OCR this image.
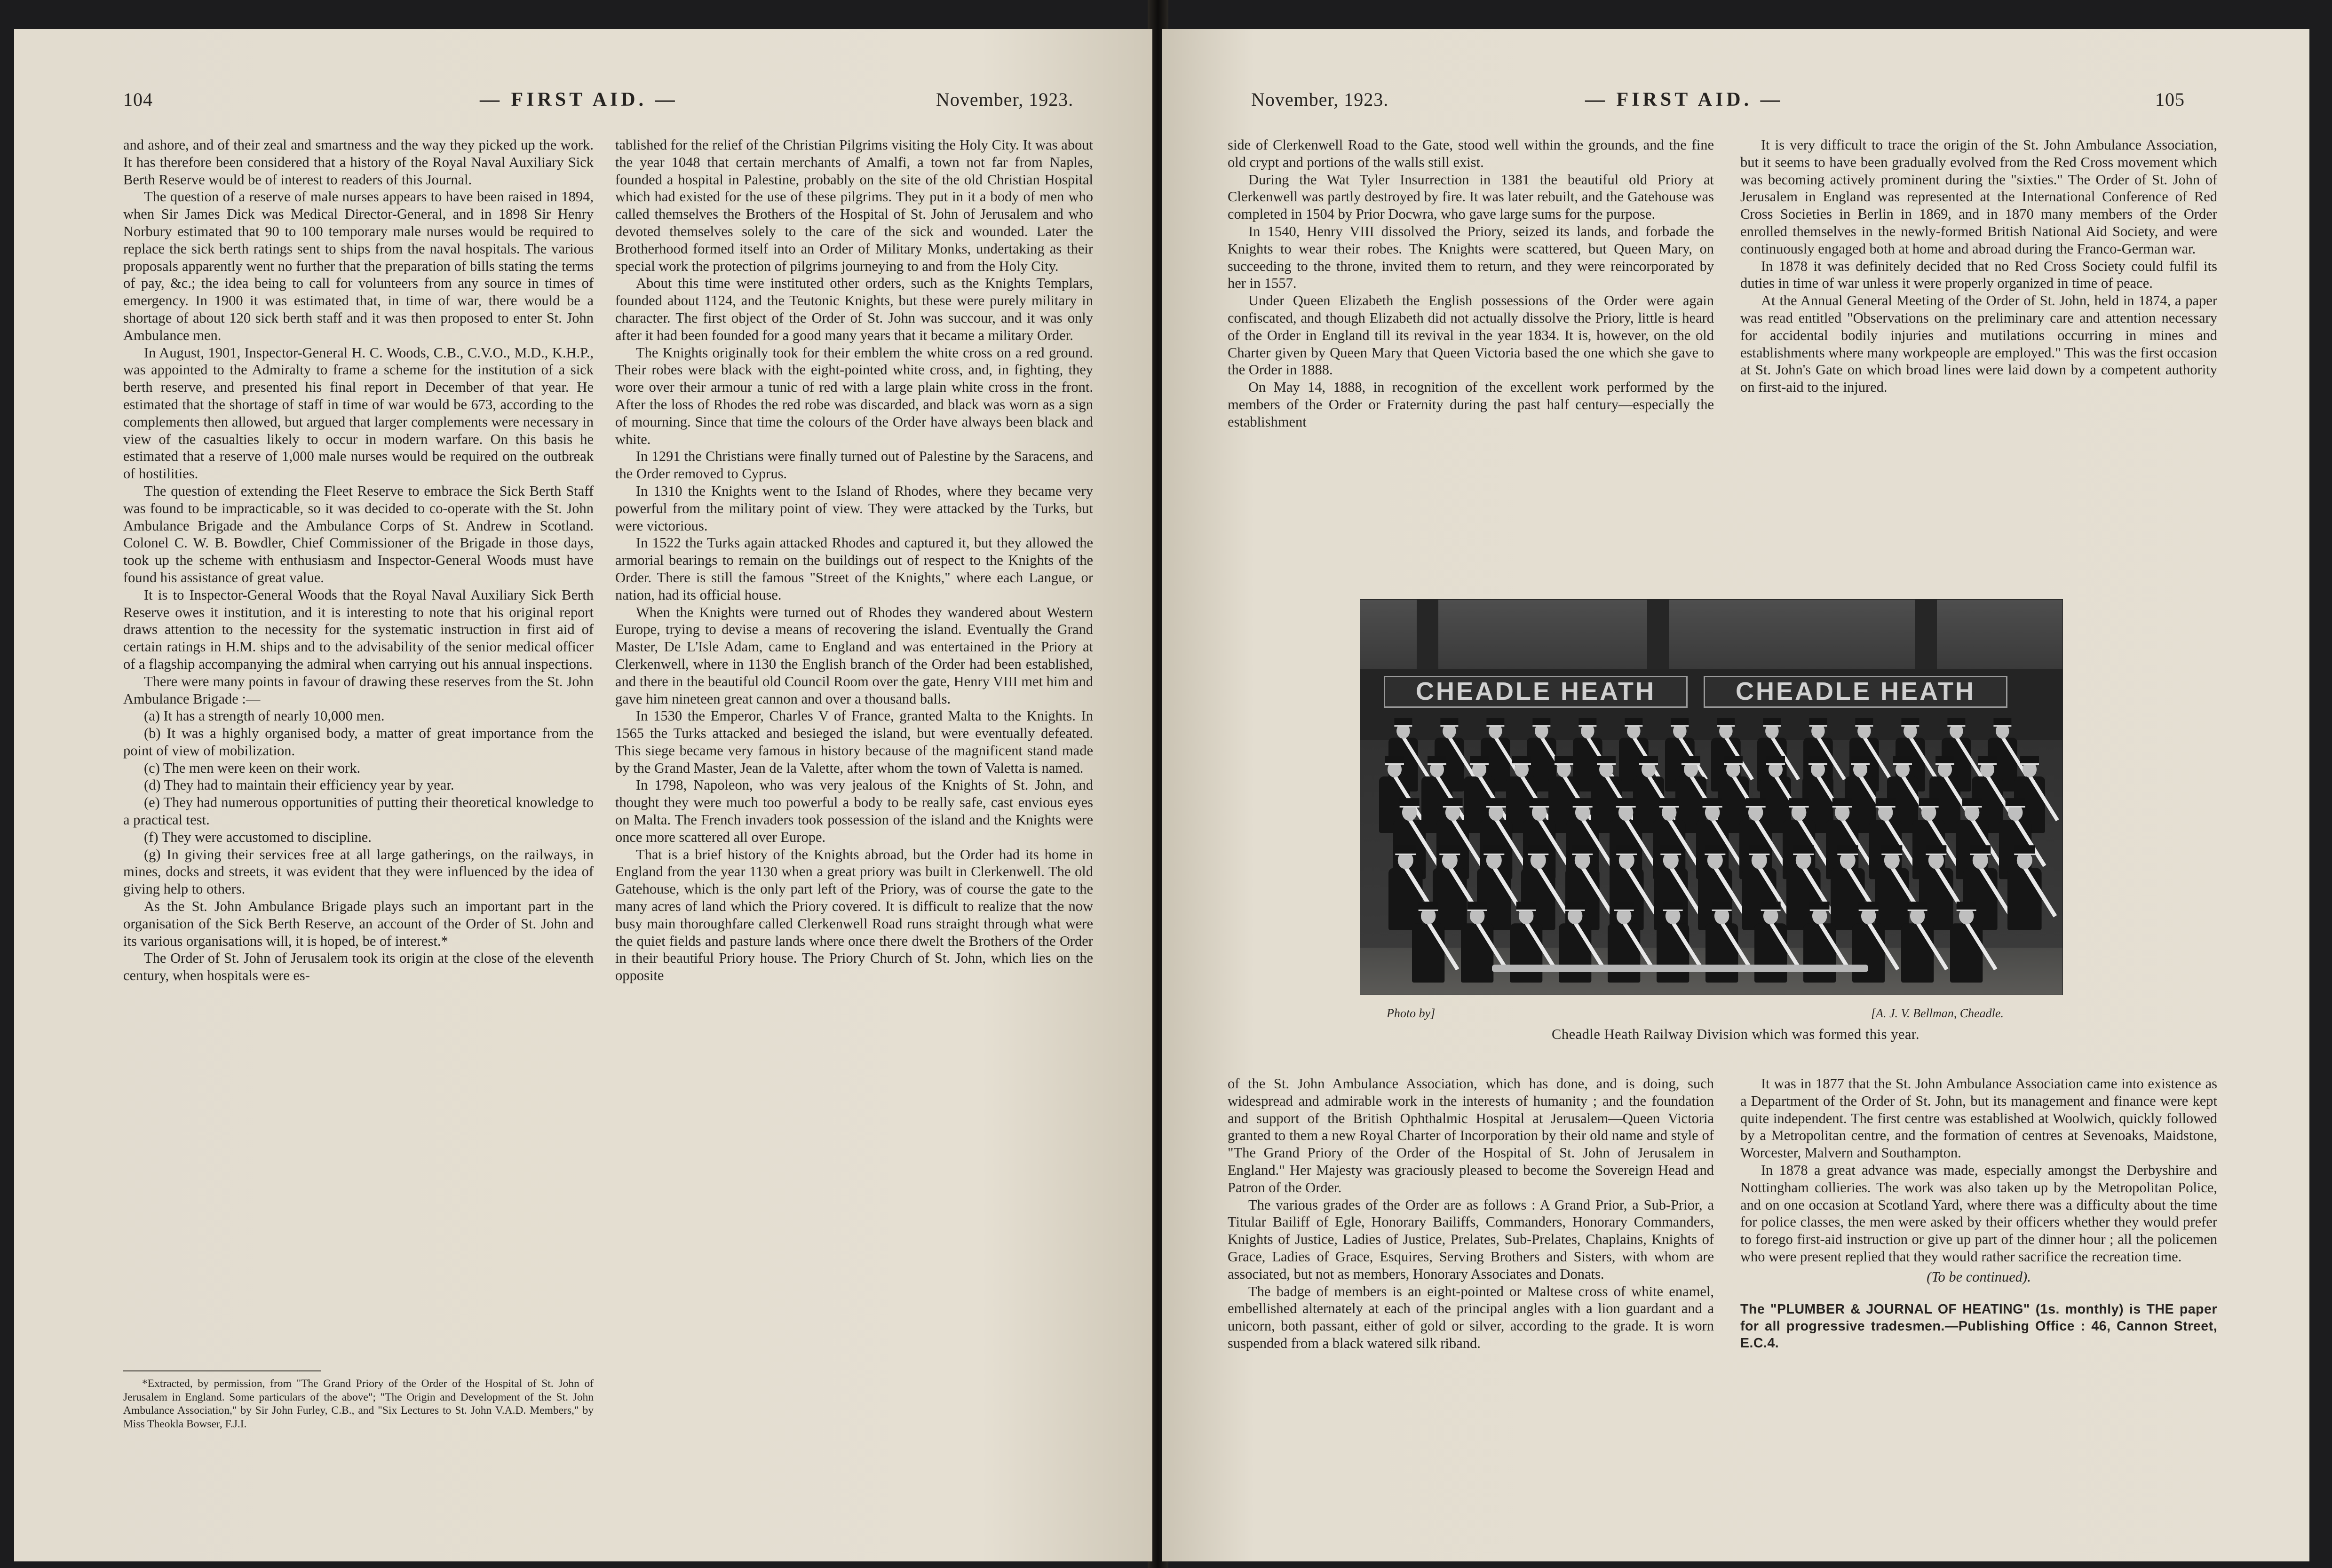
104	— FIRST AID. —	November, 1923.

and ashore, and of their zeal and smartness and the way they picked up the work. It has therefore been considered that a history of the Royal Naval Auxiliary Sick Berth Reserve would be of interest to readers of this Journal.

The question of a reserve of male nurses appears to have been raised in 1894, when Sir James Dick was Medical Director-General, and in 1898 Sir Henry Norbury estimated that 90 to 100 temporary male nurses would be required to replace the sick berth ratings sent to ships from the naval hospitals. The various proposals apparently went no further that the preparation of bills stating the terms of pay, &c.; the idea being to call for volunteers from any source in times of emergency. In 1900 it was estimated that, in time of war, there would be a shortage of about 120 sick berth staff and it was then proposed to enter St. John Ambulance men.

In August, 1901, Inspector-General H. C. Woods, C.B., C.V.O., M.D., K.H.P., was appointed to the Admiralty to frame a scheme for the institution of a sick berth reserve, and presented his final report in December of that year. He estimated that the shortage of staff in time of war would be 673, according to the complements then allowed, but argued that larger complements were necessary in view of the casualties likely to occur in modern warfare. On this basis he estimated that a reserve of 1,000 male nurses would be required on the outbreak of hostilities.

The question of extending the Fleet Reserve to embrace the Sick Berth Staff was found to be impracticable, so it was decided to co-operate with the St. John Ambulance Brigade and the Ambulance Corps of St. Andrew in Scotland. Colonel C. W. B. Bowdler, Chief Commissioner of the Brigade in those days, took up the scheme with enthusiasm and Inspector-General Woods must have found his assistance of great value.

It is to Inspector-General Woods that the Royal Naval Auxiliary Sick Berth Reserve owes it institution, and it is interesting to note that his original report draws attention to the necessity for the systematic instruction in first aid of certain ratings in H.M. ships and to the advisability of the senior medical officer of a flagship accompanying the admiral when carrying out his annual inspections.

There were many points in favour of drawing these reserves from the St. John Ambulance Brigade :—

(a) It has a strength of nearly 10,000 men.

(b) It was a highly organised body, a matter of great importance from the point of view of mobilization.

(c) The men were keen on their work.

(d) They had to maintain their efficiency year by year.

(e) They had numerous opportunities of putting their theoretical knowledge to a practical test.

(f) They were accustomed to discipline.

(g) In giving their services free at all large gatherings, on the railways, in mines, docks and streets, it was evident that they were influenced by the idea of giving help to others.

As the St. John Ambulance Brigade plays such an important part in the organisation of the Sick Berth Reserve, an account of the Order of St. John and its various organisations will, it is hoped, be of interest.*

The Order of St. John of Jerusalem took its origin at the close of the eleventh century, when hospitals were es-

*Extracted, by permission, from "The Grand Priory of the Order of the Hospital of St. John of Jerusalem in England. Some particulars of the above"; "The Origin and Development of the St. John Ambulance Association," by Sir John Furley, C.B., and "Six Lectures to St. John V.A.D. Members," by Miss Theokla Bowser, F.J.I.

tablished for the relief of the Christian Pilgrims visiting the Holy City. It was about the year 1048 that certain merchants of Amalfi, a town not far from Naples, founded a hospital in Palestine, probably on the site of the old Christian Hospital which had existed for the use of these pilgrims. They put in it a body of men who called themselves the Brothers of the Hospital of St. John of Jerusalem and who devoted themselves solely to the care of the sick and wounded. Later the Brotherhood formed itself into an Order of Military Monks, undertaking as their special work the protection of pilgrims journeying to and from the Holy City.

About this time were instituted other orders, such as the Knights Templars, founded about 1124, and the Teutonic Knights, but these were purely military in character. The first object of the Order of St. John was succour, and it was only after it had been founded for a good many years that it became a military Order.

The Knights originally took for their emblem the white cross on a red ground. Their robes were black with the eight-pointed white cross, and, in fighting, they wore over their armour a tunic of red with a large plain white cross in the front. After the loss of Rhodes the red robe was discarded, and black was worn as a sign of mourning. Since that time the colours of the Order have always been black and white.

In 1291 the Christians were finally turned out of Palestine by the Saracens, and the Order removed to Cyprus.

In 1310 the Knights went to the Island of Rhodes, where they became very powerful from the military point of view. They were attacked by the Turks, but were victorious.

In 1522 the Turks again attacked Rhodes and captured it, but they allowed the armorial bearings to remain on the buildings out of respect to the Knights of the Order. There is still the famous "Street of the Knights," where each Langue, or nation, had its official house.

When the Knights were turned out of Rhodes they wandered about Western Europe, trying to devise a means of recovering the island. Eventually the Grand Master, De L'Isle Adam, came to England and was entertained in the Priory at Clerkenwell, where in 1130 the English branch of the Order had been established, and there in the beautiful old Council Room over the gate, Henry VIII met him and gave him nineteen great cannon and over a thousand balls.

In 1530 the Emperor, Charles V of France, granted Malta to the Knights. In 1565 the Turks attacked and besieged the island, but were eventually defeated. This siege became very famous in history because of the magnificent stand made by the Grand Master, Jean de la Valette, after whom the town of Valetta is named.

In 1798, Napoleon, who was very jealous of the Knights of St. John, and thought they were much too powerful a body to be really safe, cast envious eyes on Malta. The French invaders took possession of the island and the Knights were once more scattered all over Europe.

That is a brief history of the Knights abroad, but the Order had its home in England from the year 1130 when a great priory was built in Clerkenwell. The old Gatehouse, which is the only part left of the Priory, was of course the gate to the many acres of land which the Priory covered. It is difficult to realize that the now busy main thoroughfare called Clerkenwell Road runs straight through what were the quiet fields and pasture lands where once there dwelt the Brothers of the Order in their beautiful Priory house. The Priory Church of St. John, which lies on the opposite

November, 1923.	— FIRST AID. —	105

side of Clerkenwell Road to the Gate, stood well within the grounds, and the fine old crypt and portions of the walls still exist.

During the Wat Tyler Insurrection in 1381 the beautiful old Priory at Clerkenwell was partly destroyed by fire. It was later rebuilt, and the Gatehouse was completed in 1504 by Prior Docwra, who gave large sums for the purpose.

In 1540, Henry VIII dissolved the Priory, seized its lands, and forbade the Knights to wear their robes. The Knights were scattered, but Queen Mary, on succeeding to the throne, invited them to return, and they were reincorporated by her in 1557.

Under Queen Elizabeth the English possessions of the Order were again confiscated, and though Elizabeth did not actually dissolve the Priory, little is heard of the Order in England till its revival in the year 1834. It is, however, on the old Charter given by Queen Mary that Queen Victoria based the one which she gave to the Order in 1888.

On May 14, 1888, in recognition of the excellent work performed by the members of the Order or Fraternity during the past half century—especially the establishment

It is very difficult to trace the origin of the St. John Ambulance Association, but it seems to have been gradually evolved from the Red Cross movement which was becoming actively prominent during the "sixties." The Order of St. John of Jerusalem in England was represented at the International Conference of Red Cross Societies in Berlin in 1869, and in 1870 many members of the Order enrolled themselves in the newly-formed British National Aid Society, and were continuously engaged both at home and abroad during the Franco-German war.

In 1878 it was definitely decided that no Red Cross Society could fulfil its duties in time of war unless it were properly organized in time of peace.

At the Annual General Meeting of the Order of St. John, held in 1874, a paper was read entitled "Observations on the preliminary care and attention necessary for accidental bodily injuries and mutilations occurring in mines and establishments where many workpeople are employed." This was the first occasion at St. John's Gate on which broad lines were laid down by a competent authority on first-aid to the injured.

CHEADLE HEATH	CHEADLE HEATH
Photo by]	[A. J. V. Bellman, Cheadle.
Cheadle Heath Railway Division which was formed this year.

of the St. John Ambulance Association, which has done, and is doing, such widespread and admirable work in the interests of humanity ; and the foundation and support of the British Ophthalmic Hospital at Jerusalem—Queen Victoria granted to them a new Royal Charter of Incorporation by their old name and style of "The Grand Priory of the Order of the Hospital of St. John of Jerusalem in England." Her Majesty was graciously pleased to become the Sovereign Head and Patron of the Order.

The various grades of the Order are as follows : A Grand Prior, a Sub-Prior, a Titular Bailiff of Egle, Honorary Bailiffs, Commanders, Honorary Commanders, Knights of Justice, Ladies of Justice, Prelates, Sub-Prelates, Chaplains, Knights of Grace, Ladies of Grace, Esquires, Serving Brothers and Sisters, with whom are associated, but not as members, Honorary Associates and Donats.

The badge of members is an eight-pointed or Maltese cross of white enamel, embellished alternately at each of the principal angles with a lion guardant and a unicorn, both passant, either of gold or silver, according to the grade. It is worn suspended from a black watered silk riband.

It was in 1877 that the St. John Ambulance Association came into existence as a Department of the Order of St. John, but its management and finance were kept quite independent. The first centre was established at Woolwich, quickly followed by a Metropolitan centre, and the formation of centres at Sevenoaks, Maidstone, Worcester, Malvern and Southampton.

In 1878 a great advance was made, especially amongst the Derbyshire and Nottingham collieries. The work was also taken up by the Metropolitan Police, and on one occasion at Scotland Yard, where there was a difficulty about the time for police classes, the men were asked by their officers whether they would prefer to forego first-aid instruction or give up part of the dinner hour ; all the policemen who were present replied that they would rather sacrifice the recreation time.

(To be continued).

The "PLUMBER & JOURNAL OF HEATING" (1s. monthly) is THE paper for all progressive tradesmen.—Publishing Office : 46, Cannon Street, E.C.4.
